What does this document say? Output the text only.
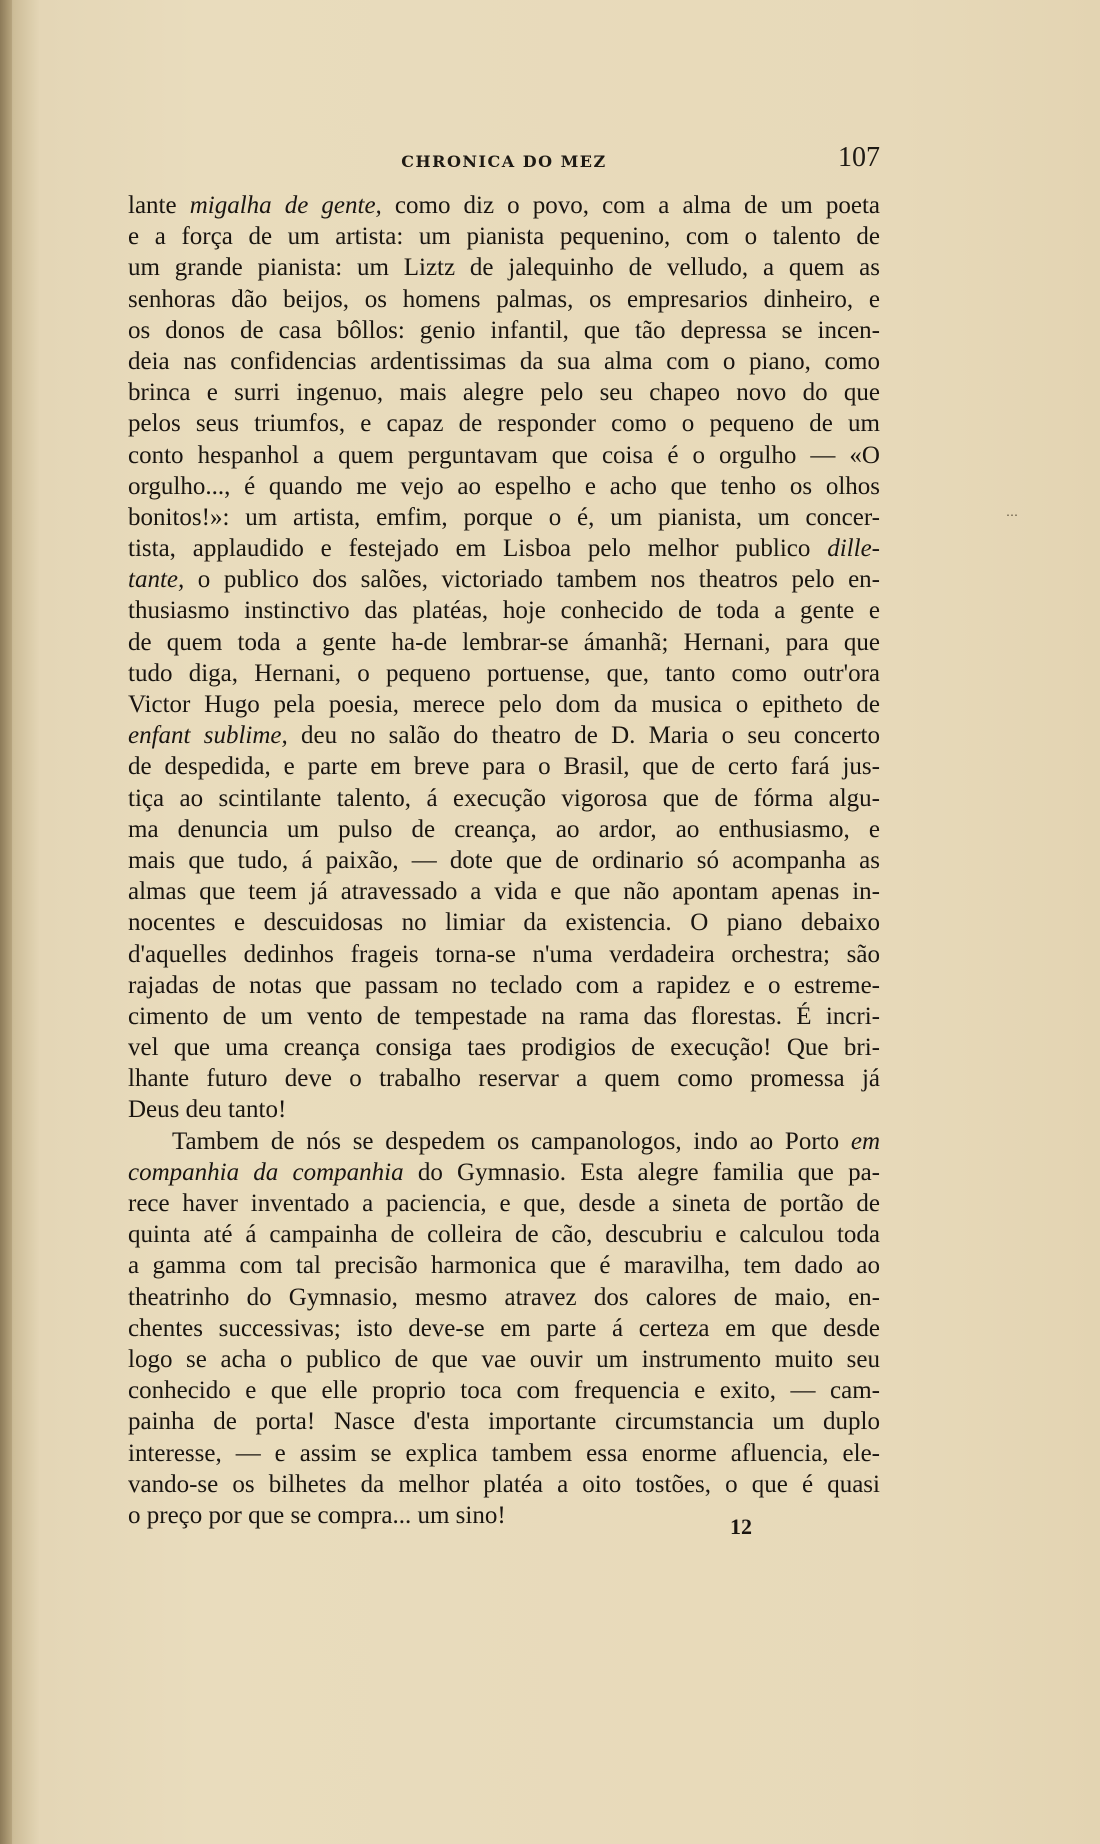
CHRONICA DO MEZ	107
lante migalha de gente, como diz o povo, com a alma de um poeta
e a força de um artista: um pianista pequenino, com o talento de
um grande pianista: um Liztz de jalequinho de velludo, a quem as
senhoras dão beijos, os homens palmas, os empresarios dinheiro, e
os donos de casa bôllos: genio infantil, que tão depressa se incen-
deia nas confidencias ardentissimas da sua alma com o piano, como
brinca e surri ingenuo, mais alegre pelo seu chapeo novo do que
pelos seus triumfos, e capaz de responder como o pequeno de um
conto hespanhol a quem perguntavam que coisa é o orgulho — «O
orgulho..., é quando me vejo ao espelho e acho que tenho os olhos
bonitos!»: um artista, emfim, porque o é, um pianista, um concer-
tista, applaudido e festejado em Lisboa pelo melhor publico dille-
tante, o publico dos salões, victoriado tambem nos theatros pelo en-
thusiasmo instinctivo das platéas, hoje conhecido de toda a gente e
de quem toda a gente ha-de lembrar-se ámanhã; Hernani, para que
tudo diga, Hernani, o pequeno portuense, que, tanto como outr'ora
Victor Hugo pela poesia, merece pelo dom da musica o epitheto de
enfant sublime, deu no salão do theatro de D. Maria o seu concerto
de despedida, e parte em breve para o Brasil, que de certo fará jus-
tiça ao scintilante talento, á execução vigorosa que de fórma algu-
ma denuncia um pulso de creança, ao ardor, ao enthusiasmo, e
mais que tudo, á paixão, — dote que de ordinario só acompanha as
almas que teem já atravessado a vida e que não apontam apenas in-
nocentes e descuidosas no limiar da existencia. O piano debaixo
d'aquelles dedinhos frageis torna-se n'uma verdadeira orchestra; são
rajadas de notas que passam no teclado com a rapidez e o estreme-
cimento de um vento de tempestade na rama das florestas. É incri-
vel que uma creança consiga taes prodigios de execução! Que bri-
lhante futuro deve o trabalho reservar a quem como promessa já
Deus deu tanto!
Tambem de nós se despedem os campanologos, indo ao Porto em
companhia da companhia do Gymnasio. Esta alegre familia que pa-
rece haver inventado a paciencia, e que, desde a sineta de portão de
quinta até á campainha de colleira de cão, descubriu e calculou toda
a gamma com tal precisão harmonica que é maravilha, tem dado ao
theatrinho do Gymnasio, mesmo atravez dos calores de maio, en-
chentes successivas; isto deve-se em parte á certeza em que desde
logo se acha o publico de que vae ouvir um instrumento muito seu
conhecido e que elle proprio toca com frequencia e exito, — cam-
painha de porta! Nasce d'esta importante circumstancia um duplo
interesse, — e assim se explica tambem essa enorme afluencia, ele-
vando-se os bilhetes da melhor platéa a oito tostões, o que é quasi
o preço por que se compra... um sino!	12
⋯
